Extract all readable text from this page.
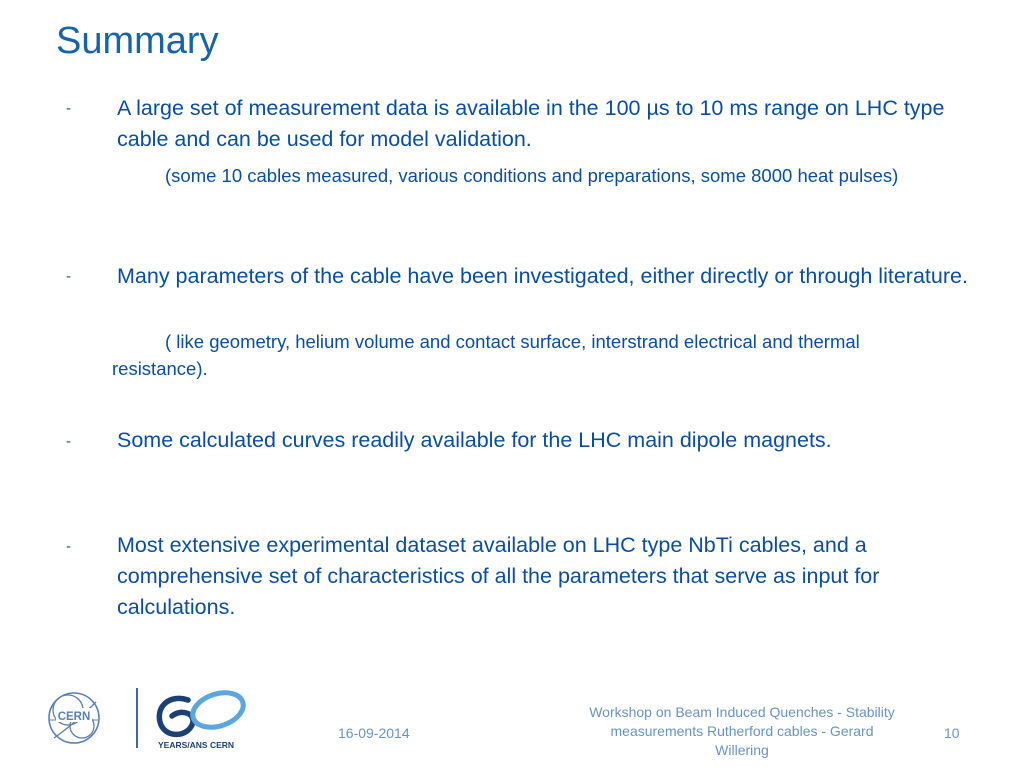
Summary
- A large set of measurement data is available in the 100 µs to 10 ms range on LHC type cable and can be used for model validation.
(some 10 cables measured, various conditions and preparations, some 8000 heat pulses)
- Many parameters of the cable have been investigated, either directly or through literature.
( like geometry, helium volume and contact surface, interstrand electrical and thermal resistance).
- Some calculated curves readily available for the LHC main dipole magnets.
- Most extensive experimental dataset available on LHC type NbTi cables, and a comprehensive set of characteristics of all the parameters that serve as input for calculations.
CERN
YEARS/ANS CERN
16-09-2014
Workshop on Beam Induced Quenches - Stability measurements Rutherford cables - Gerard Willering
10
